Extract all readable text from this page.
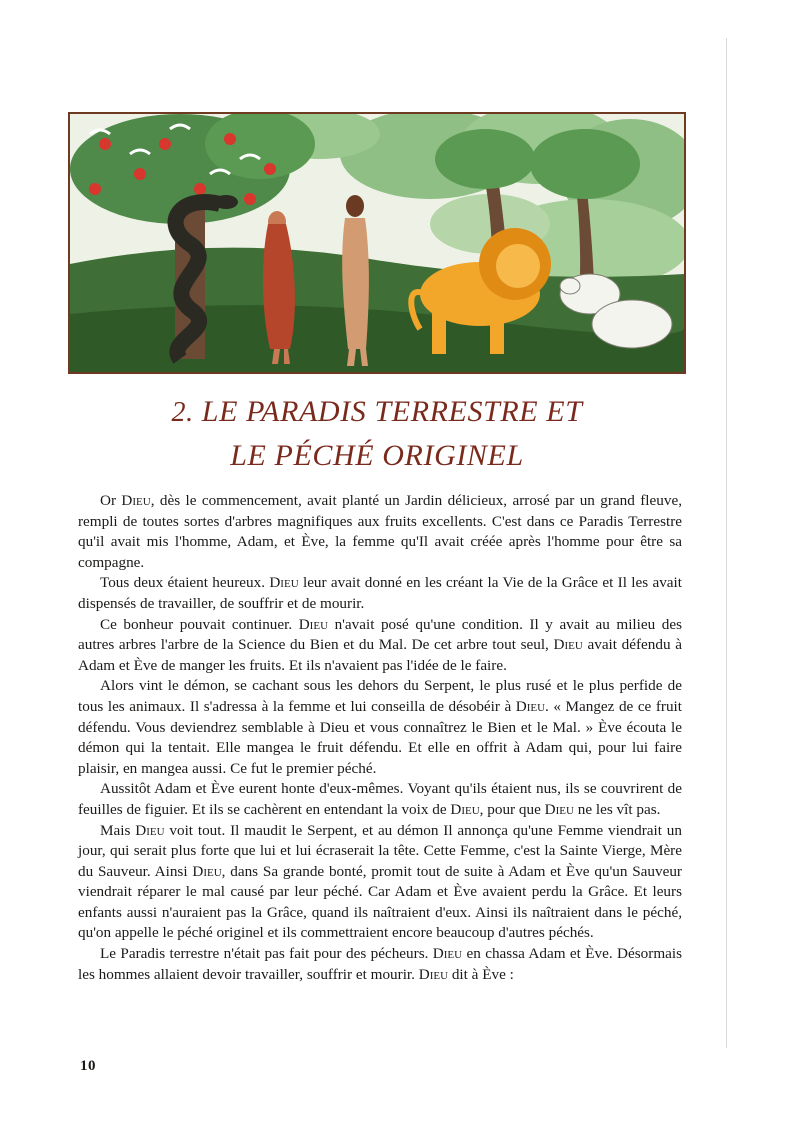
2. LE PARADIS TERRESTRE ET
LE PÉCHÉ ORIGINEL

Or Dieu, dès le commencement, avait planté un Jardin délicieux, arrosé par un grand fleuve, rempli de toutes sortes d'arbres magnifiques aux fruits excellents. C'est dans ce Paradis Terrestre qu'il avait mis l'homme, Adam, et Ève, la femme qu'Il avait créée après l'homme pour être sa compagne.

Tous deux étaient heureux. Dieu leur avait donné en les créant la Vie de la Grâce et Il les avait dispensés de travailler, de souffrir et de mourir.

Ce bonheur pouvait continuer. Dieu n'avait posé qu'une condition. Il y avait au milieu des autres arbres l'arbre de la Science du Bien et du Mal. De cet arbre tout seul, Dieu avait défendu à Adam et Ève de manger les fruits. Et ils n'avaient pas l'idée de le faire.

Alors vint le démon, se cachant sous les dehors du Serpent, le plus rusé et le plus perfide de tous les animaux. Il s'adressa à la femme et lui conseilla de désobéir à Dieu. « Mangez de ce fruit défendu. Vous deviendrez semblable à Dieu et vous connaîtrez le Bien et le Mal. » Ève écouta le démon qui la tentait. Elle mangea le fruit défendu. Et elle en offrit à Adam qui, pour lui faire plaisir, en mangea aussi. Ce fut le premier péché.

Aussitôt Adam et Ève eurent honte d'eux-mêmes. Voyant qu'ils étaient nus, ils se couvrirent de feuilles de figuier. Et ils se cachèrent en entendant la voix de Dieu, pour que Dieu ne les vît pas.

Mais Dieu voit tout. Il maudit le Serpent, et au démon Il annonça qu'une Femme viendrait un jour, qui serait plus forte que lui et lui écraserait la tête. Cette Femme, c'est la Sainte Vierge, Mère du Sauveur. Ainsi Dieu, dans Sa grande bonté, promit tout de suite à Adam et Ève qu'un Sauveur viendrait réparer le mal causé par leur péché. Car Adam et Ève avaient perdu la Grâce. Et leurs enfants aussi n'auraient pas la Grâce, quand ils naîtraient d'eux. Ainsi ils naîtraient dans le péché, qu'on appelle le péché originel et ils commettraient encore beaucoup d'autres péchés.

Le Paradis terrestre n'était pas fait pour des pécheurs. Dieu en chassa Adam et Ève. Désormais les hommes allaient devoir travailler, souffrir et mourir. Dieu dit à Ève :

10
